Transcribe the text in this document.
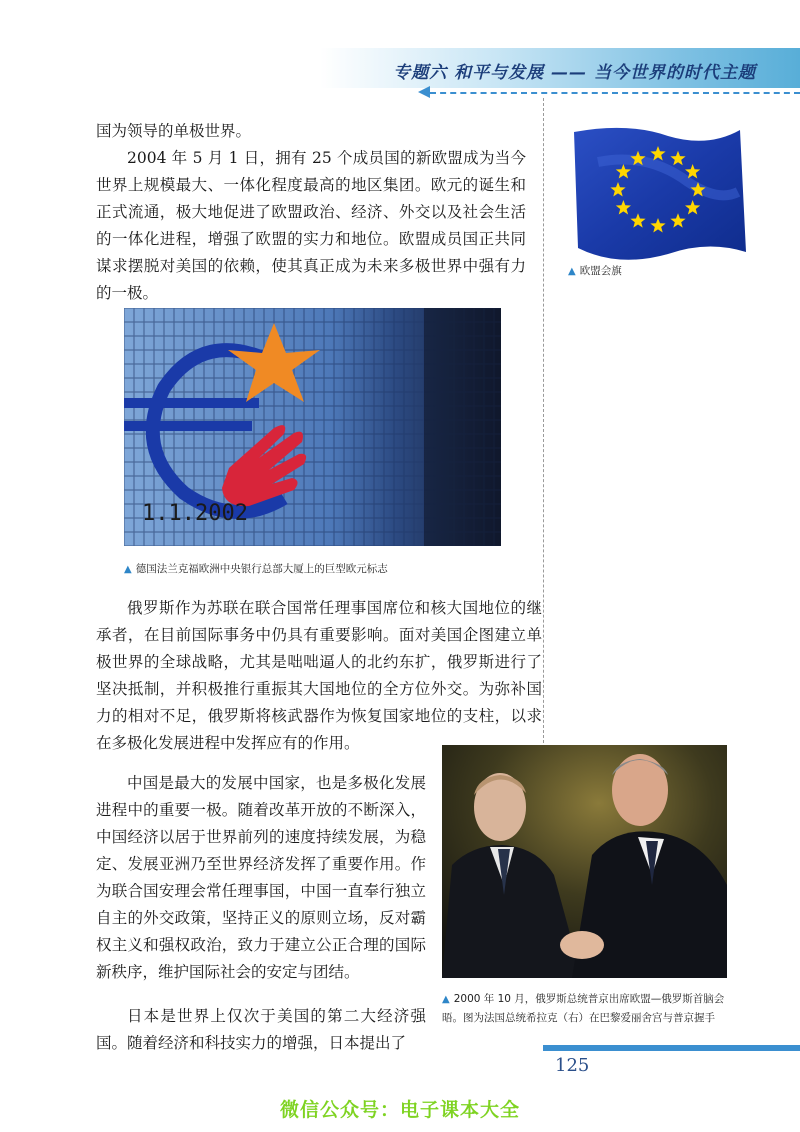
专题六 和平与发展 —— 当今世界的时代主题

国为领导的单极世界。

2004 年 5 月 1 日，拥有 25 个成员国的新欧盟成为当今世界上规模最大、一体化程度最高的地区集团。欧元的诞生和正式流通，极大地促进了欧盟政治、经济、外交以及社会生活的一体化进程，增强了欧盟的实力和地位。欧盟成员国正共同谋求摆脱对美国的依赖，使其真正成为未来多极世界中强有力的一极。

▲ 欧盟会旗
1.1.2002
▲ 德国法兰克福欧洲中央银行总部大厦上的巨型欧元标志

俄罗斯作为苏联在联合国常任理事国席位和核大国地位的继承者，在目前国际事务中仍具有重要影响。面对美国企图建立单极世界的全球战略，尤其是咄咄逼人的北约东扩，俄罗斯进行了坚决抵制，并积极推行重振其大国地位的全方位外交。为弥补国力的相对不足，俄罗斯将核武器作为恢复国家地位的支柱，以求在多极化发展进程中发挥应有的作用。

▲ 2000 年 10 月，俄罗斯总统普京出席欧盟—俄罗斯首脑会晤。图为法国总统希拉克（右）在巴黎爱丽舍宫与普京握手

中国是最大的发展中国家，也是多极化发展进程中的重要一极。随着改革开放的不断深入，中国经济以居于世界前列的速度持续发展，为稳定、发展亚洲乃至世界经济发挥了重要作用。作为联合国安理会常任理事国，中国一直奉行独立自主的外交政策，坚持正义的原则立场，反对霸权主义和强权政治，致力于建立公正合理的国际新秩序，维护国际社会的安定与团结。

日本是世界上仅次于美国的第二大经济强国。随着经济和科技实力的增强，日本提出了

125
微信公众号：电子课本大全
